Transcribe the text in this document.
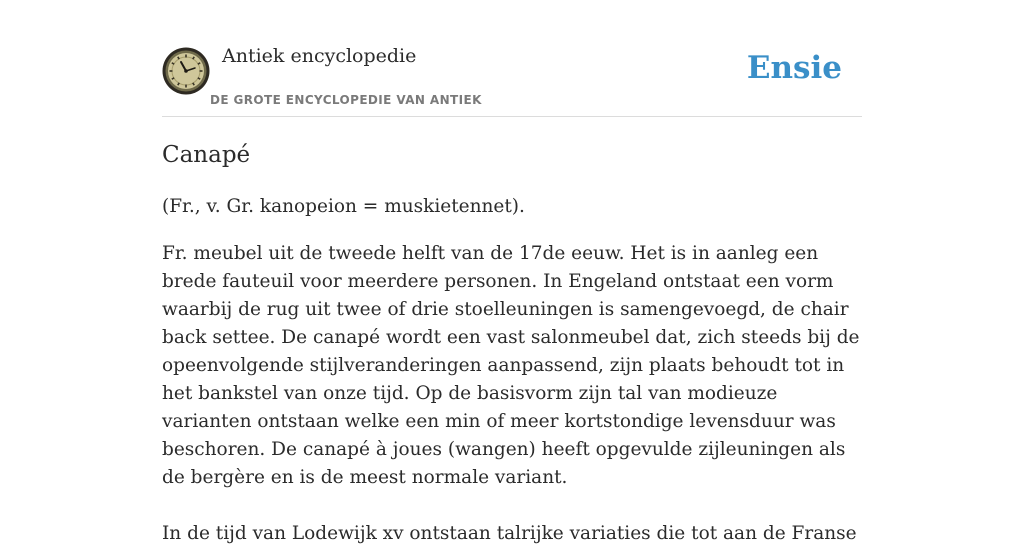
Antiek encyclopedie
DE GROTE ENCYCLOPEDIE VAN ANTIEK
Ensie
Canapé

(Fr., v. Gr. kanopeion = muskietennet).

Fr. meubel uit de tweede helft van de 17de eeuw. Het is in aanleg een brede fauteuil voor meerdere personen. In Engeland ontstaat een vorm waarbij de rug uit twee of drie stoelleuningen is samengevoegd, de chair back settee. De canapé wordt een vast salonmeubel dat, zich steeds bij de opeenvolgende stijlveranderingen aanpassend, zijn plaats behoudt tot in het bankstel van onze tijd. Op de basisvorm zijn tal van modieuze varianten ontstaan welke een min of meer kortstondige levensduur was beschoren. De canapé à joues (wangen) heeft opgevulde zijleuningen als de bergère en is de meest normale variant.

In de tijd van Lodewijk xv ontstaan talrijke variaties die tot aan de Franse
